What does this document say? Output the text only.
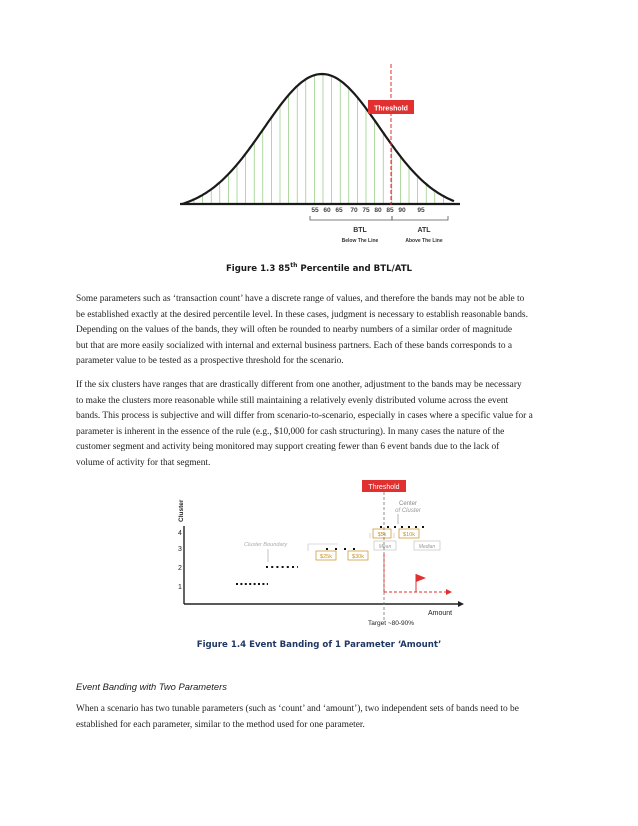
Threshold
55 60 65 70 75 80 85 90 95
BTL
Below The Line
ATL
Above The Line
Figure 1.3 85th Percentile and BTL/ATL
Some parameters such as ‘transaction count’ have a discrete range of values, and therefore the bands may not be able to
be established exactly at the desired percentile level. In these cases, judgment is necessary to establish reasonable bands.
Depending on the values of the bands, they will often be rounded to nearby numbers of a similar order of magnitude
but that are more easily socialized with internal and external business partners. Each of these bands corresponds to a
parameter value to be tested as a prospective threshold for the scenario.
If the six clusters have ranges that are drastically different from one another, adjustment to the bands may be necessary
to make the clusters more reasonable while still maintaining a relatively evenly distributed volume across the event
bands. This process is subjective and will differ from scenario-to-scenario, especially in cases where a specific value for a
parameter is inherent in the essence of the rule (e.g., $10,000 for cash structuring). In many cases the nature of the
customer segment and activity being monitored may support creating fewer than 6 event bands due to the lack of
volume of activity for that segment.
Threshold
Cluster
1
2
3
4
Cluster Boundary
Center
of Cluster
$5k	$10k
$25k	$30k
Mean	Median
Amount
Target ~80-90%
Figure 1.4 Event Banding of 1 Parameter ‘Amount’
Event Banding with Two Parameters
When a scenario has two tunable parameters (such as ‘count’ and ‘amount’), two independent sets of bands need to be
established for each parameter, similar to the method used for one parameter.
